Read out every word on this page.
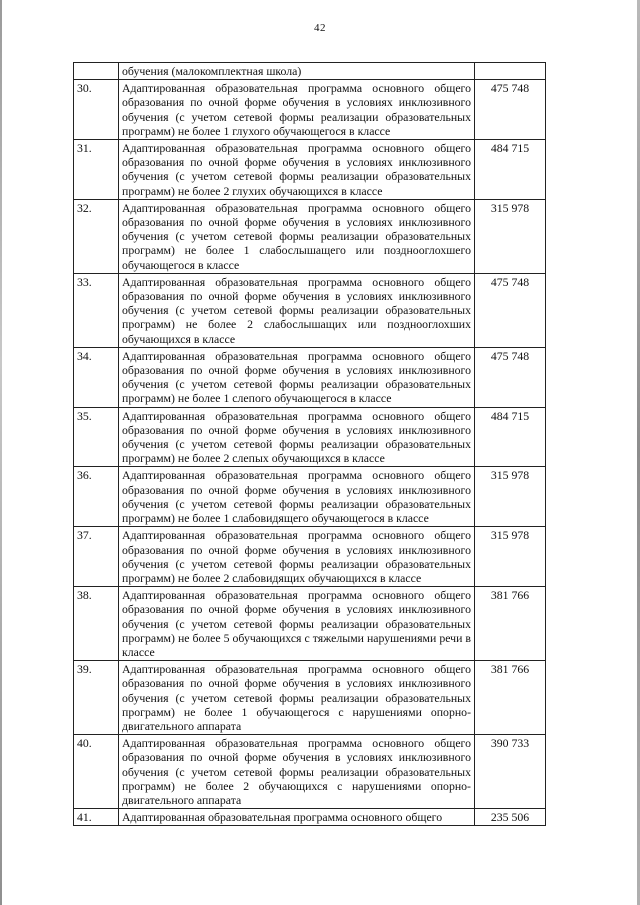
42
	обучения (малокомплектная школа)	
30.	Адаптированная образовательная программа основного общего образования по очной форме обучения в условиях инклюзивного обучения (с учетом сетевой формы реализации образовательных программ) не более 1 глухого обучающегося в классе	475 748
31.	Адаптированная образовательная программа основного общего образования по очной форме обучения в условиях инклюзивного обучения (с учетом сетевой формы реализации образовательных программ) не более 2 глухих обучающихся в классе	484 715
32.	Адаптированная образовательная программа основного общего образования по очной форме обучения в условиях инклюзивного обучения (с учетом сетевой формы реализации образовательных программ) не более 1 слабослышащего или позднооглохшего обучающегося в классе	315 978
33.	Адаптированная образовательная программа основного общего образования по очной форме обучения в условиях инклюзивного обучения (с учетом сетевой формы реализации образовательных программ) не более 2 слабослышащих или позднооглохших обучающихся в классе	475 748
34.	Адаптированная образовательная программа основного общего образования по очной форме обучения в условиях инклюзивного обучения (с учетом сетевой формы реализации образовательных программ) не более 1 слепого обучающегося в классе	475 748
35.	Адаптированная образовательная программа основного общего образования по очной форме обучения в условиях инклюзивного обучения (с учетом сетевой формы реализации образовательных программ) не более 2 слепых обучающихся в классе	484 715
36.	Адаптированная образовательная программа основного общего образования по очной форме обучения в условиях инклюзивного обучения (с учетом сетевой формы реализации образовательных программ) не более 1 слабовидящего обучающегося в классе	315 978
37.	Адаптированная образовательная программа основного общего образования по очной форме обучения в условиях инклюзивного обучения (с учетом сетевой формы реализации образовательных программ) не более 2 слабовидящих обучающихся в классе	315 978
38.	Адаптированная образовательная программа основного общего образования по очной форме обучения в условиях инклюзивного обучения (с учетом сетевой формы реализации образовательных программ) не более 5 обучающихся с тяжелыми нарушениями речи в классе	381 766
39.	Адаптированная образовательная программа основного общего образования по очной форме обучения в условиях инклюзивного обучения (с учетом сетевой формы реализации образовательных программ) не более 1 обучающегося с нарушениями опорно-двигательного аппарата	381 766
40.	Адаптированная образовательная программа основного общего образования по очной форме обучения в условиях инклюзивного обучения (с учетом сетевой формы реализации образовательных программ) не более 2 обучающихся с нарушениями опорно-двигательного аппарата	390 733
41.	Адаптированная образовательная программа основного общего	235 506
